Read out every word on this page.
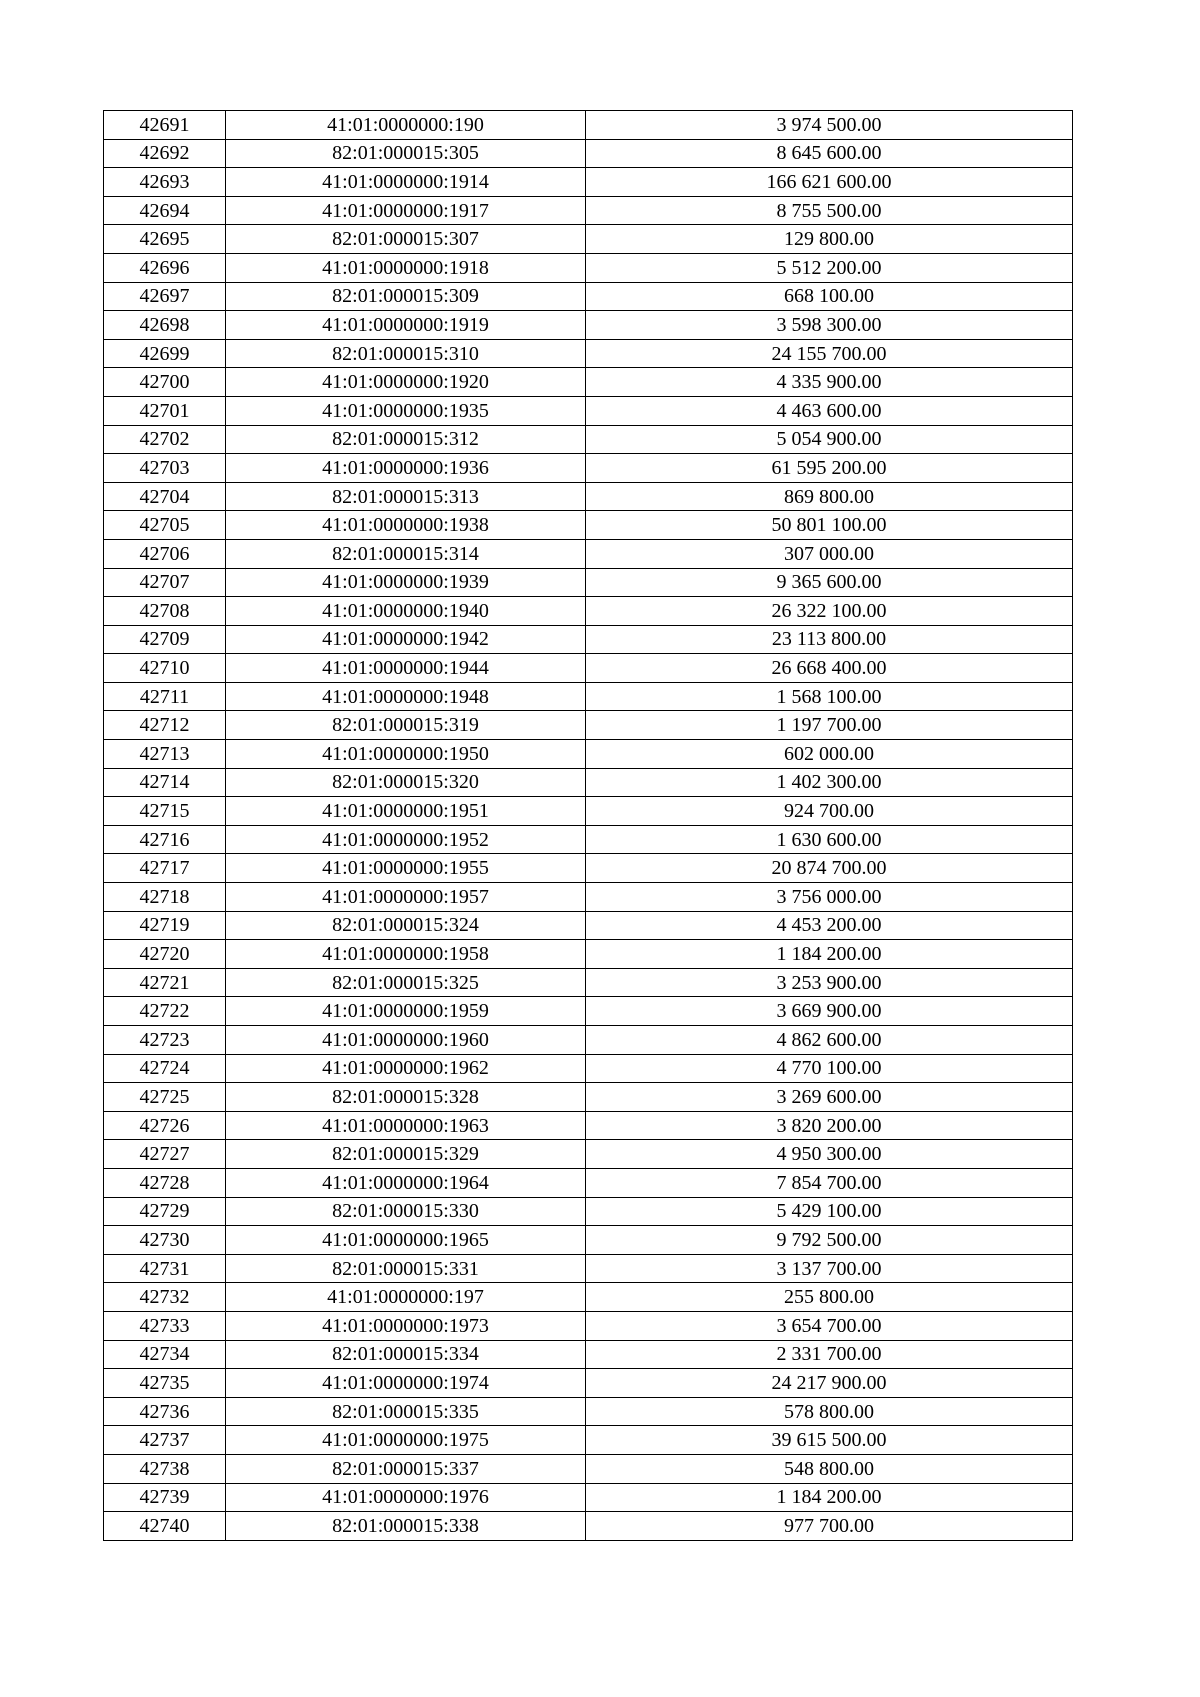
42691	41:01:0000000:190	3 974 500.00
42692	82:01:000015:305	8 645 600.00
42693	41:01:0000000:1914	166 621 600.00
42694	41:01:0000000:1917	8 755 500.00
42695	82:01:000015:307	129 800.00
42696	41:01:0000000:1918	5 512 200.00
42697	82:01:000015:309	668 100.00
42698	41:01:0000000:1919	3 598 300.00
42699	82:01:000015:310	24 155 700.00
42700	41:01:0000000:1920	4 335 900.00
42701	41:01:0000000:1935	4 463 600.00
42702	82:01:000015:312	5 054 900.00
42703	41:01:0000000:1936	61 595 200.00
42704	82:01:000015:313	869 800.00
42705	41:01:0000000:1938	50 801 100.00
42706	82:01:000015:314	307 000.00
42707	41:01:0000000:1939	9 365 600.00
42708	41:01:0000000:1940	26 322 100.00
42709	41:01:0000000:1942	23 113 800.00
42710	41:01:0000000:1944	26 668 400.00
42711	41:01:0000000:1948	1 568 100.00
42712	82:01:000015:319	1 197 700.00
42713	41:01:0000000:1950	602 000.00
42714	82:01:000015:320	1 402 300.00
42715	41:01:0000000:1951	924 700.00
42716	41:01:0000000:1952	1 630 600.00
42717	41:01:0000000:1955	20 874 700.00
42718	41:01:0000000:1957	3 756 000.00
42719	82:01:000015:324	4 453 200.00
42720	41:01:0000000:1958	1 184 200.00
42721	82:01:000015:325	3 253 900.00
42722	41:01:0000000:1959	3 669 900.00
42723	41:01:0000000:1960	4 862 600.00
42724	41:01:0000000:1962	4 770 100.00
42725	82:01:000015:328	3 269 600.00
42726	41:01:0000000:1963	3 820 200.00
42727	82:01:000015:329	4 950 300.00
42728	41:01:0000000:1964	7 854 700.00
42729	82:01:000015:330	5 429 100.00
42730	41:01:0000000:1965	9 792 500.00
42731	82:01:000015:331	3 137 700.00
42732	41:01:0000000:197	255 800.00
42733	41:01:0000000:1973	3 654 700.00
42734	82:01:000015:334	2 331 700.00
42735	41:01:0000000:1974	24 217 900.00
42736	82:01:000015:335	578 800.00
42737	41:01:0000000:1975	39 615 500.00
42738	82:01:000015:337	548 800.00
42739	41:01:0000000:1976	1 184 200.00
42740	82:01:000015:338	977 700.00
